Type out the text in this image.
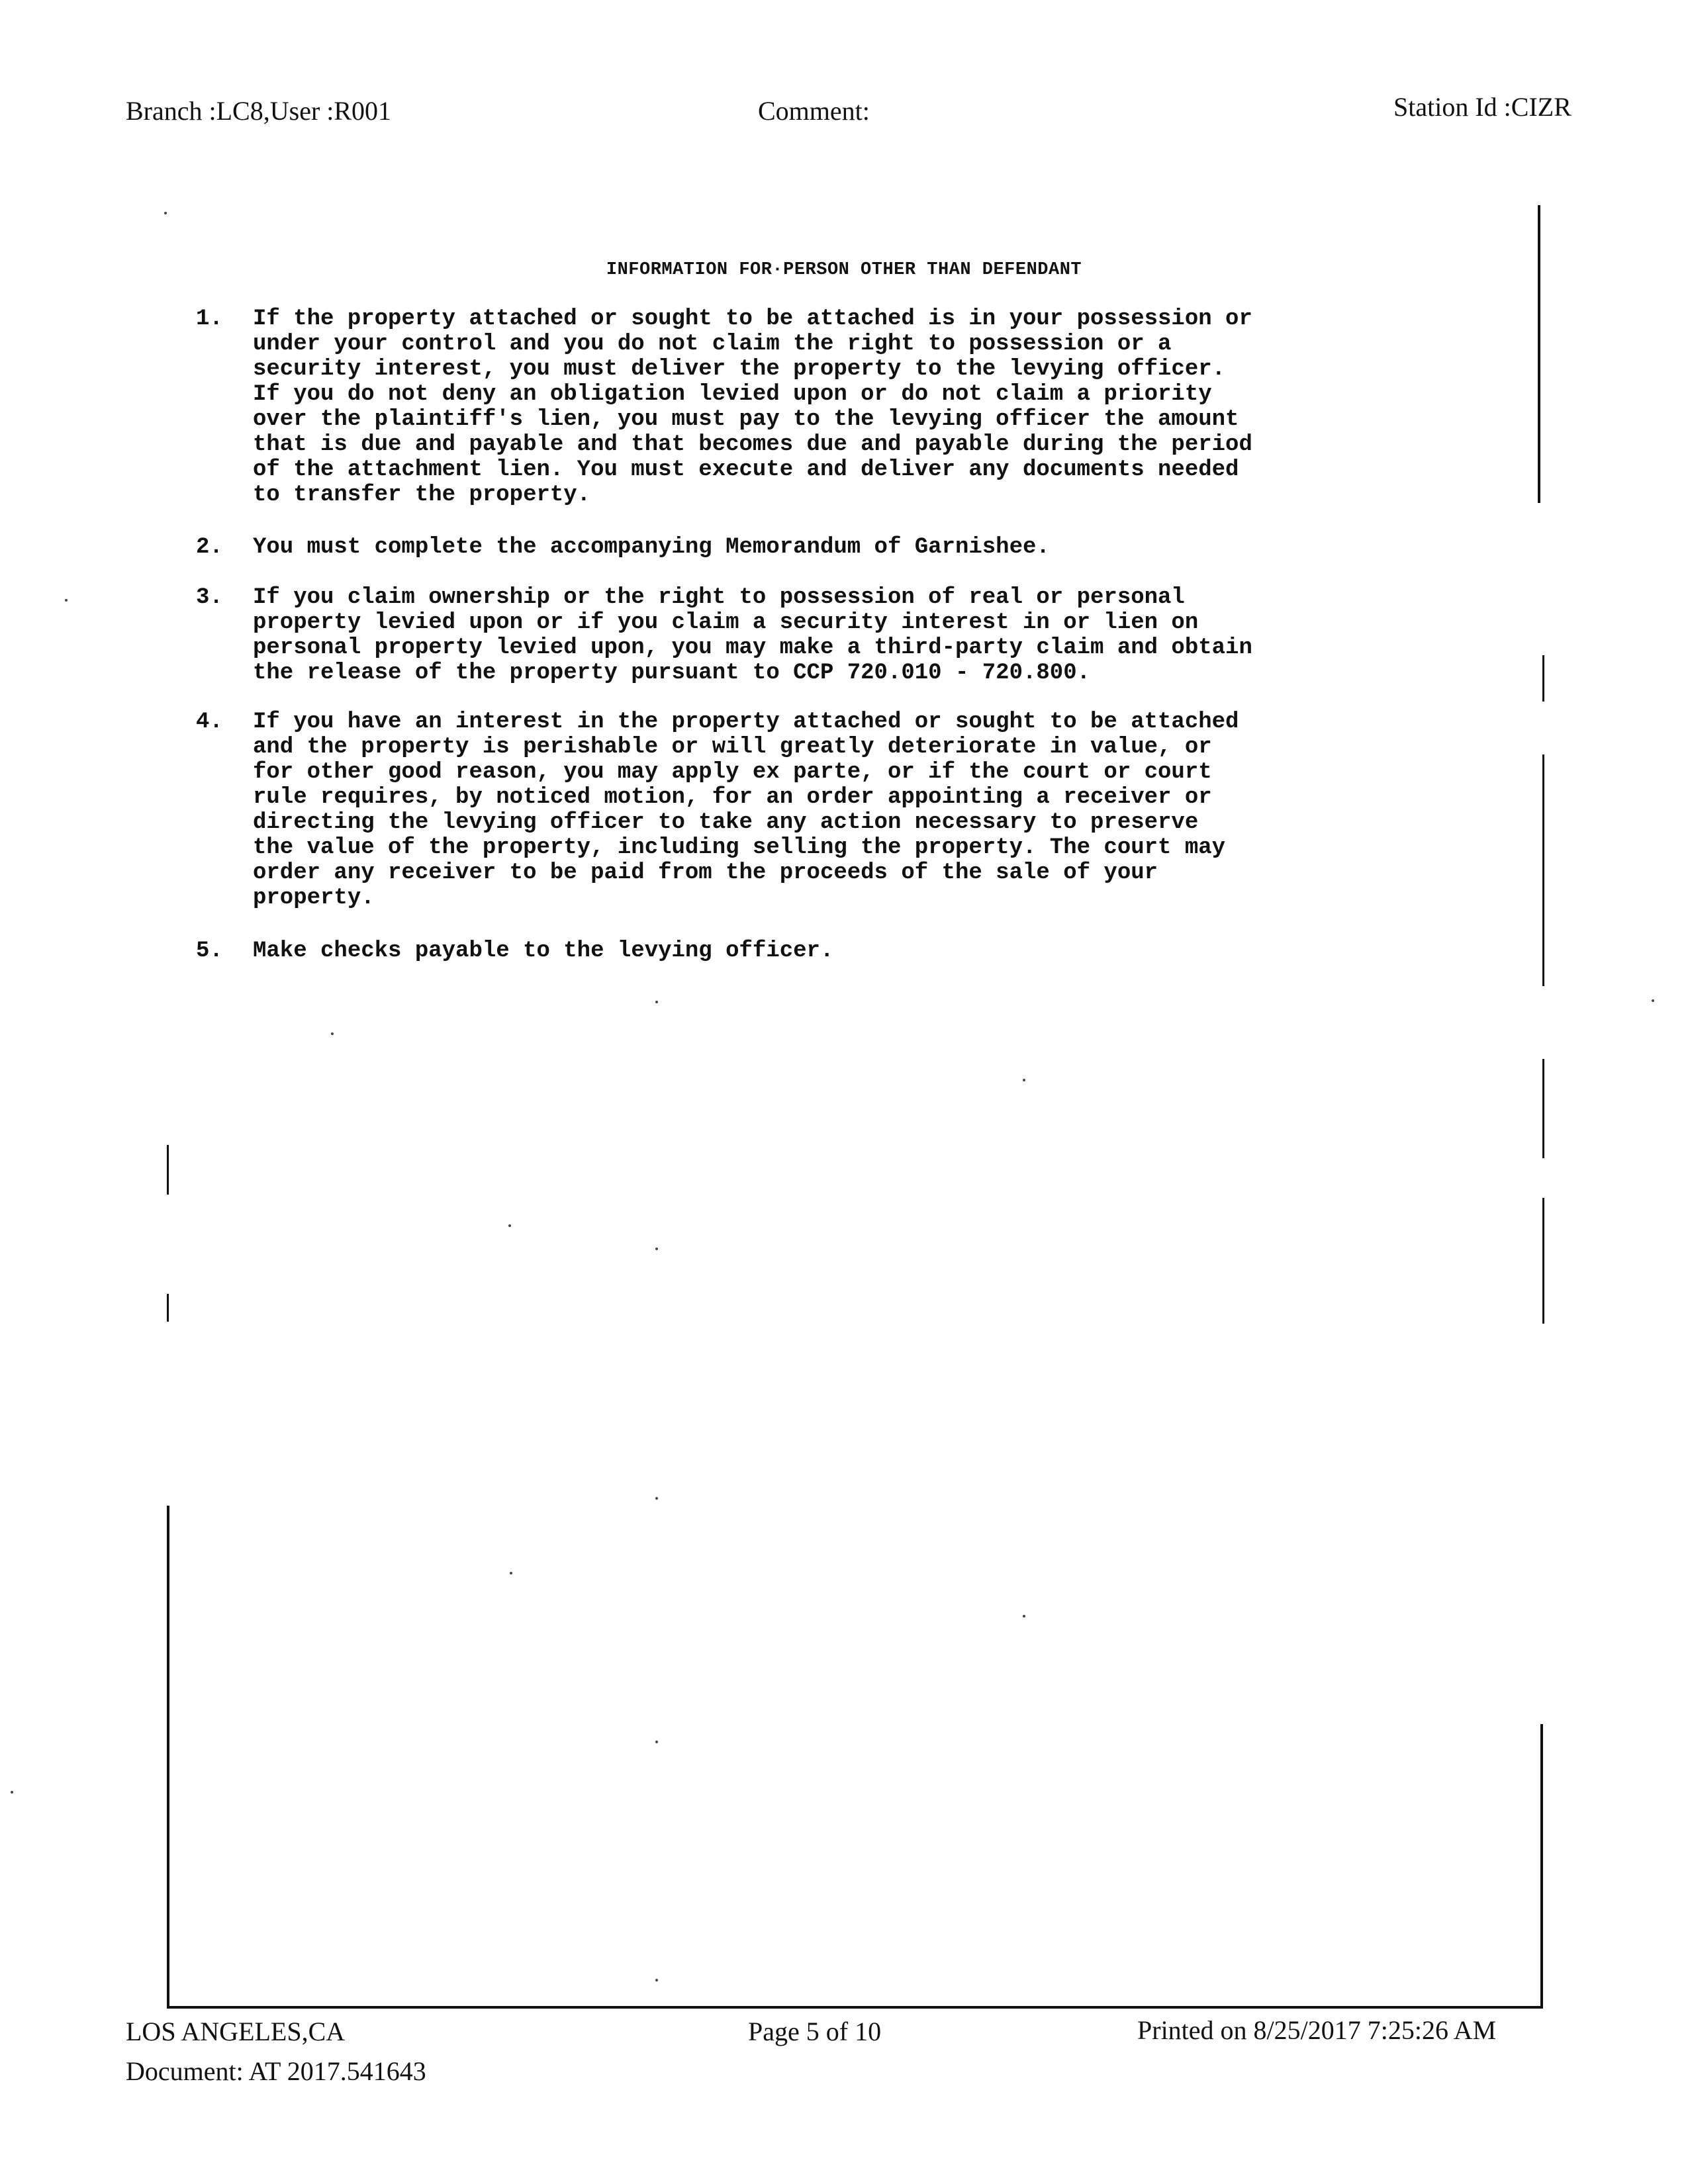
Branch :LC8,User :R001	Comment:	Station Id :CIZR
INFORMATION FOR·PERSON OTHER THAN DEFENDANT
1.	If the property attached or sought to be attached is in your possession or
under your control and you do not claim the right to possession or a
security interest, you must deliver the property to the levying officer.
If you do not deny an obligation levied upon or do not claim a priority
over the plaintiff's lien, you must pay to the levying officer the amount
that is due and payable and that becomes due and payable during the period
of the attachment lien. You must execute and deliver any documents needed
to transfer the property.
2.	You must complete the accompanying Memorandum of Garnishee.
3.	If you claim ownership or the right to possession of real or personal
property levied upon or if you claim a security interest in or lien on
personal property levied upon, you may make a third-party claim and obtain
the release of the property pursuant to CCP 720.010 - 720.800.
4.	If you have an interest in the property attached or sought to be attached
and the property is perishable or will greatly deteriorate in value, or
for other good reason, you may apply ex parte, or if the court or court
rule requires, by noticed motion, for an order appointing a receiver or
directing the levying officer to take any action necessary to preserve
the value of the property, including selling the property. The court may
order any receiver to be paid from the proceeds of the sale of your
property.
5.	Make checks payable to the levying officer.
LOS ANGELES,CA
Document: AT 2017.541643
Page 5 of 10	Printed on 8/25/2017 7:25:26 AM
